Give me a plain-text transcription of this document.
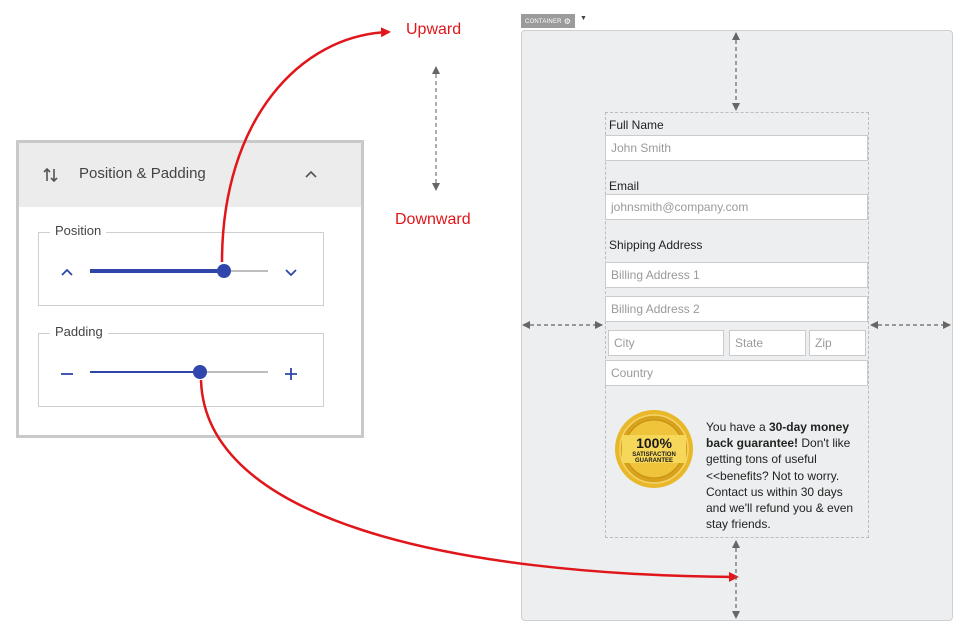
Position & Padding
Position
Padding
Upward
Downward
CONTAINER ⚙	▼
Full Name
John Smith
Email
johnsmith@company.com
Shipping Address
Billing Address 1
Billing Address 2
City	State	Zip
Country
100%
SATISFACTION
GUARANTEE
You have a 30-day money back guarantee! Don't like getting tons of useful <<benefits? Not to worry. Contact us within 30 days and we'll refund you & even stay friends.
